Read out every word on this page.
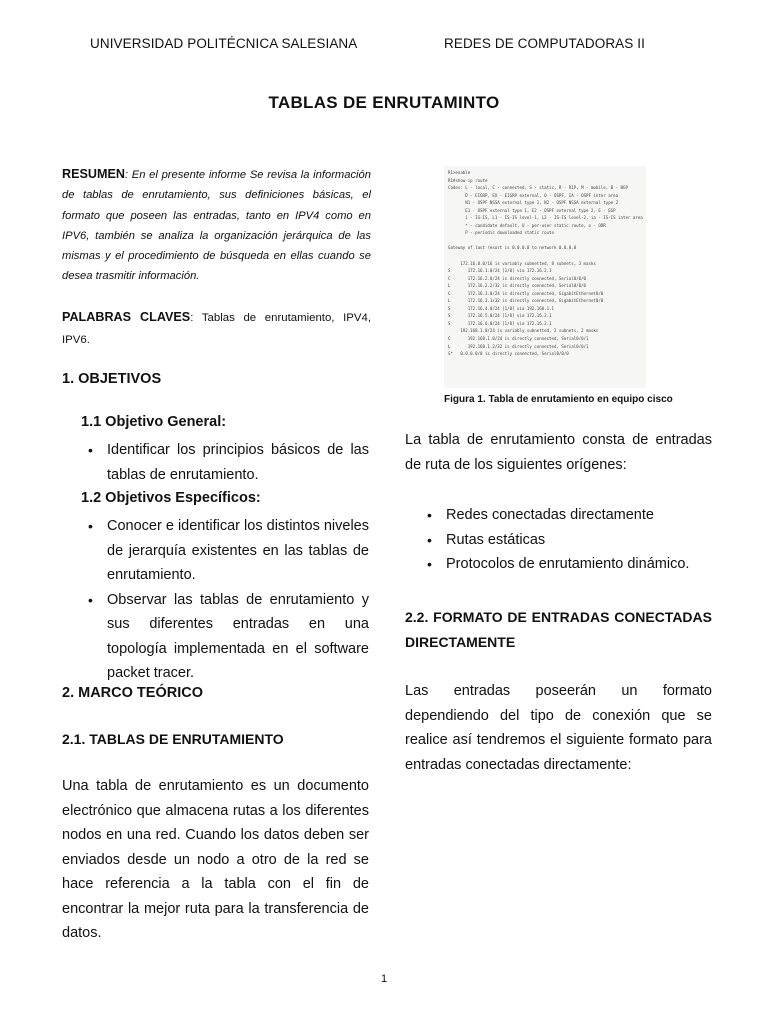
UNIVERSIDAD POLITÉCNICA SALESIANA	REDES DE COMPUTADORAS II
TABLAS DE ENRUTAMINTO
RESUMEN: En el presente informe Se revisa la información de tablas de enrutamiento, sus definiciones básicas, el formato que poseen las entradas, tanto en IPV4 como en IPV6, también se analiza la organización jerárquica de las mismas y el procedimiento de búsqueda en ellas cuando se desea trasmitir información.
PALABRAS CLAVES: Tablas de enrutamiento, IPV4, IPV6.
1. OBJETIVOS
1.1 Objetivo General:
• Identificar los principios básicos de las tablas de enrutamiento.
1.2 Objetivos Específicos:
• Conocer e identificar los distintos niveles de jerarquía existentes en las tablas de enrutamiento.
• Observar las tablas de enrutamiento y sus diferentes entradas en una topología implementada en el software packet tracer.
2. MARCO TEÓRICO
2.1. TABLAS DE ENRUTAMIENTO
Una tabla de enrutamiento es un documento electrónico que almacena rutas a los diferentes nodos en una red. Cuando los datos deben ser enviados desde un nodo a otro de la red se hace referencia a la tabla con el fin de encontrar la mejor ruta para la transferencia de datos.
R1>enable
R1#show ip route
Codes: L - local, C - connected, S - static, R - RIP, M - mobile, B - BGP
D - EIGRP, EX - EIGRP external, O - OSPF, IA - OSPF inter area
N1 - OSPF NSSA external type 1, N2 - OSPF NSSA external type 2
E1 - OSPF external type 1, E2 - OSPF external type 2, E - EGP
i - IS-IS, L1 - IS-IS level-1, L2 - IS-IS level-2, ia - IS-IS inter area
* - candidate default, U - per-user static route, o - ODR
P - periodic downloaded static route

Gateway of last resort is 0.0.0.0 to network 0.0.0.0

172.16.0.0/16 is variably subnetted, 8 subnets, 3 masks
S       172.16.1.0/24 [1/0] via 172.16.2.1
C       172.16.2.0/24 is directly connected, Serial0/0/0
L       172.16.2.2/32 is directly connected, Serial0/0/0
C       172.16.3.0/24 is directly connected, GigabitEthernet0/0
L       172.16.3.1/32 is directly connected, GigabitEthernet0/0
S       172.16.4.0/24 [1/0] via 192.168.1.1
S       172.16.5.0/24 [1/0] via 172.16.2.1
S       172.16.6.0/24 [1/0] via 172.16.2.1
192.168.1.0/24 is variably subnetted, 2 subnets, 2 masks
C       192.168.1.0/24 is directly connected, Serial0/0/1
L       192.168.1.2/32 is directly connected, Serial0/0/1
S*   0.0.0.0/0 is directly connected, Serial0/0/0
Figura 1. Tabla de enrutamiento en equipo cisco
La tabla de enrutamiento consta de entradas de ruta de los siguientes orígenes:
• Redes conectadas directamente
• Rutas estáticas
• Protocolos de enrutamiento dinámico.
2.2. FORMATO DE ENTRADAS CONECTADAS DIRECTAMENTE
Las entradas poseerán un formato dependiendo del tipo de conexión que se realice así tendremos el siguiente formato para entradas conectadas directamente:
1
